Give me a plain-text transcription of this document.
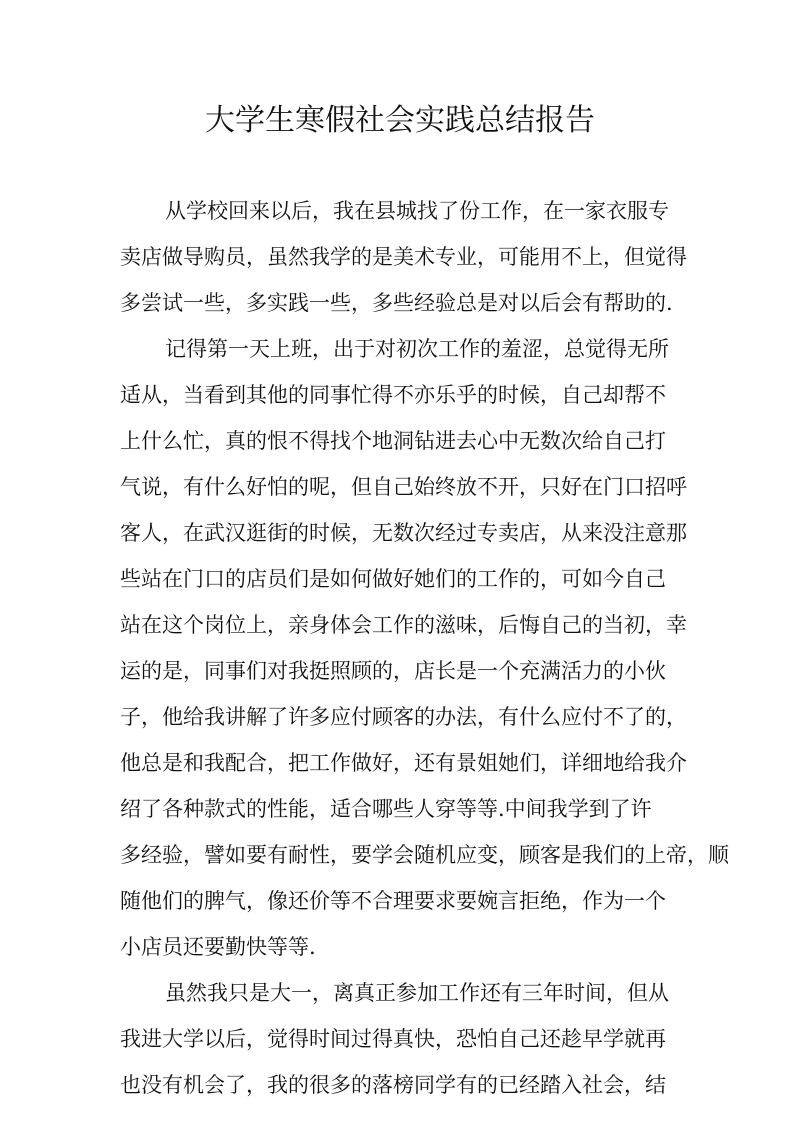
大学生寒假社会实践总结报告

从学校回来以后，我在县城找了份工作，在一家衣服专

卖店做导购员，虽然我学的是美术专业，可能用不上，但觉得

多尝试一些，多实践一些，多些经验总是对以后会有帮助的.

记得第一天上班，出于对初次工作的羞涩，总觉得无所

适从，当看到其他的同事忙得不亦乐乎的时候，自己却帮不

上什么忙，真的恨不得找个地洞钻进去心中无数次给自己打

气说，有什么好怕的呢，但自己始终放不开，只好在门口招呼

客人，在武汉逛街的时候，无数次经过专卖店，从来没注意那

些站在门口的店员们是如何做好她们的工作的，可如今自己

站在这个岗位上，亲身体会工作的滋味，后悔自己的当初，幸

运的是，同事们对我挺照顾的，店长是一个充满活力的小伙

子，他给我讲解了许多应付顾客的办法，有什么应付不了的，

他总是和我配合，把工作做好，还有景姐她们，详细地给我介

绍了各种款式的性能，适合哪些人穿等等.中间我学到了许

多经验，譬如要有耐性，要学会随机应变，顾客是我们的上帝，顺

随他们的脾气，像还价等不合理要求要婉言拒绝，作为一个

小店员还要勤快等等.

虽然我只是大一，离真正参加工作还有三年时间，但从

我进大学以后，觉得时间过得真快，恐怕自己还趁早学就再

也没有机会了，我的很多的落榜同学有的已经踏入社会，结
